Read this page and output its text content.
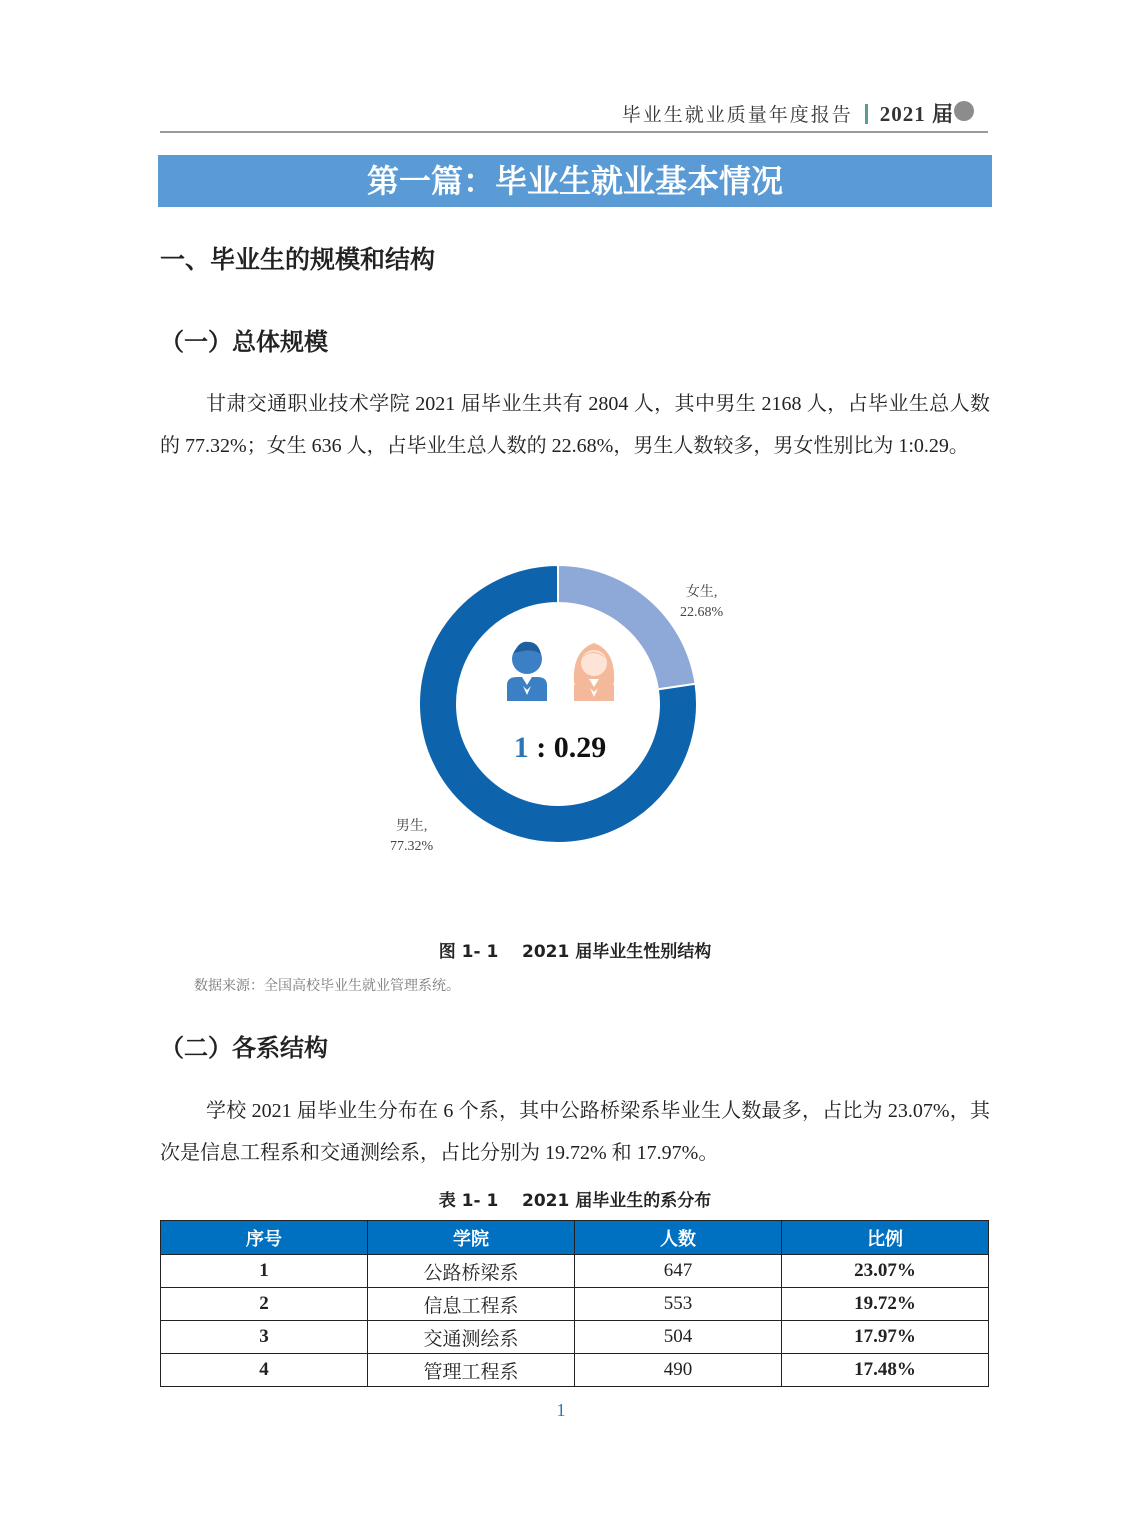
毕业生就业质量年度报告 2021 届
第一篇：毕业生就业基本情况
一、毕业生的规模和结构
（一）总体规模
甘肃交通职业技术学院 2021 届毕业生共有 2804 人，其中男生 2168 人，占毕业生总人数的 77.32%；女生 636 人，占毕业生总人数的 22.68%，男生人数较多，男女性别比为 1:0.29。
1 : 0.29
女生,
22.68%
男生,
77.32%
图 1- 1    2021 届毕业生性别结构
数据来源：全国高校毕业生就业管理系统。
（二）各系结构
学校 2021 届毕业生分布在 6 个系，其中公路桥梁系毕业生人数最多，占比为 23.07%，其次是信息工程系和交通测绘系，占比分别为 19.72% 和 17.97%。
表 1- 1    2021 届毕业生的系分布
序号	学院	人数	比例
1	公路桥梁系	647	23.07%
2	信息工程系	553	19.72%
3	交通测绘系	504	17.97%
4	管理工程系	490	17.48%
1
